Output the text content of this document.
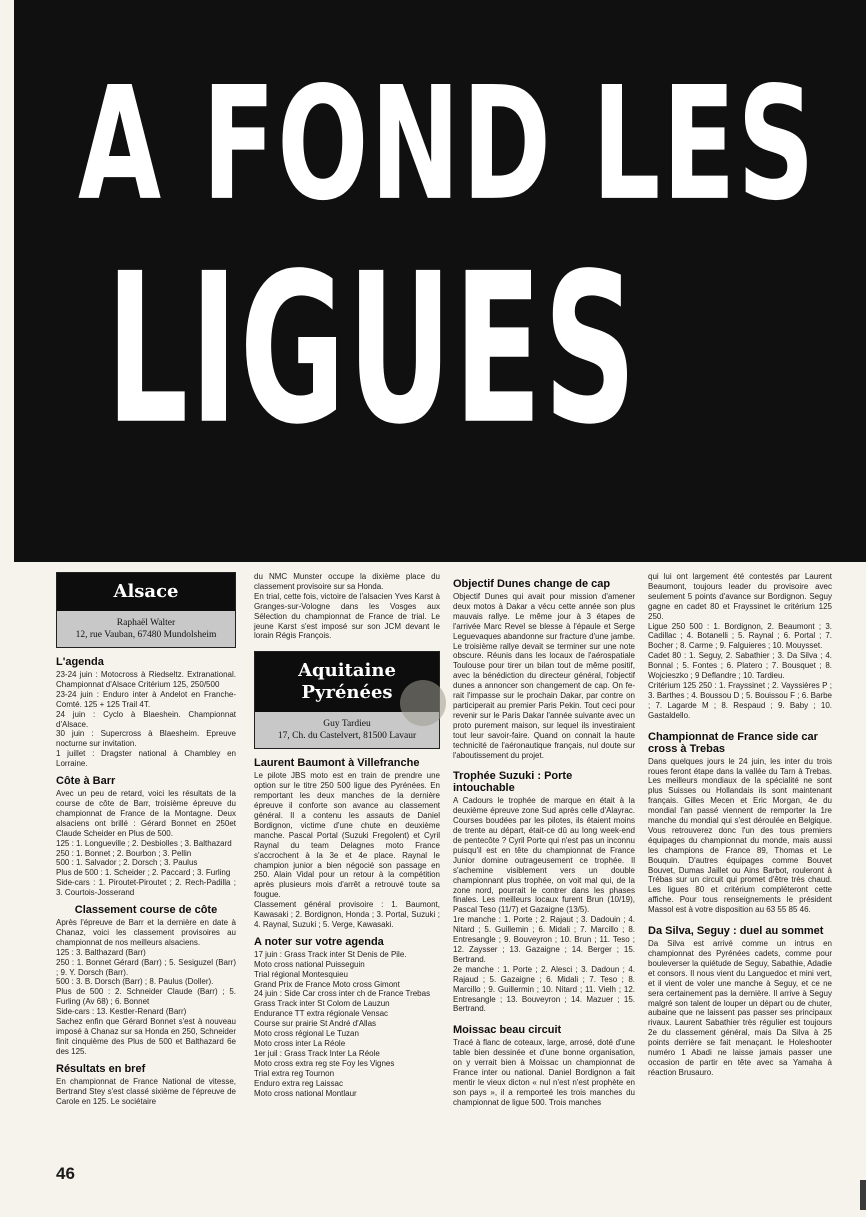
A FOND LES
LIGUES
Alsace
Raphaël Walter
12, rue Vauban, 67480 Mundolsheim
L'agenda

23-24 juin : Motocross à Riedseltz. Extranational. Championnat d'Alsace Critérium 125, 250/500

23-24 juin : Enduro inter à Andelot en Franche-Comté. 125 + 125 Trail 4T.

24 juin : Cyclo à Blaeshein. Championnat d'Alsace.

30 juin : Supercross à Blaesheim. Epreuve nocturne sur invitation.

1 juillet : Dragster national à Chambley en Lorraine.

Côte à Barr

Avec un peu de retard, voici les résultats de la course de côte de Barr, troisième épreuve du championnat de France de la Montagne. Deux alsaciens ont brillé : Gérard Bonnet en 250et Claude Scheider en Plus de 500.

125 : 1. Longueville ; 2. Desbiolles ; 3. Balthazard

250 : 1. Bonnet ; 2. Bourbon ; 3. Pellin

500 : 1. Salvador ; 2. Dorsch ; 3. Paulus

Plus de 500 : 1. Scheider ; 2. Paccard ; 3. Furling

Side-cars : 1. Piroutet-Piroutet ; 2. Rech-Padilla ; 3. Courtois-Josserand

Classement course de côte

Après l'épreuve de Barr et la dernière en date à Chanaz, voici les classement provisoires au championnat de nos meilleurs alsaciens.

125 : 3. Balthazard (Barr)

250 : 1. Bonnet Gérard (Barr) ; 5. Sesiguzel (Barr) ; 9. Y. Dorsch (Barr).

500 : 3. B. Dorsch (Barr) ; 8. Paulus (Doller).

Plus de 500 : 2. Schneider Claude (Barr) ; 5. Furling (Av 68) ; 6. Bonnet

Side-cars : 13. Kestler-Renard (Barr)

Sachez enfin que Gérard Bonnet s'est à nouveau imposé à Chanaz sur sa Honda en 250, Schneider finit cinquième des Plus de 500 et Balthazard 6e des 125.

Résultats en bref

En championnat de France National de vitesse, Bertrand Stey s'est classé sixième de l'épreuve de Carole en 125. Le sociétaire

du NMC Munster occupe la dixième place du classement provisoire sur sa Honda.

En trial, cette fois, victoire de l'alsacien Yves Karst à Granges-sur-Vologne dans les Vosges aux Sélection du championnat de France de trial. Le jeune Karst s'est imposé sur son JCM devant le lorain Régis François.

Aquitaine
Pyrénées
Guy Tardieu
17, Ch. du Castelvert, 81500 Lavaur
Laurent Baumont à Villefranche

Le pilote JBS moto est en train de prendre une option sur le titre 250 500 ligue des Pyrénées. En remportant les deux manches de la dernière épreuve il conforte son avance au classement général. Il a contenu les assauts de Daniel Bordignon, victime d'une chute en deuxième manche. Pascal Portal (Suzuki Fregolent) et Cyril Raynal du team Delagnes moto France s'accrochent à la 3e et 4e place. Raynal le champion junior a bien négocié son passage en 250. Alain Vidal pour un retour à la compétition après plusieurs mois d'arrêt a retrouvé toute sa fougue.

Classement général provisoire : 1. Baumont, Kawasaki ; 2. Bordignon, Honda ; 3. Portal, Suzuki ; 4. Raynal, Suzuki ; 5. Verge, Kawasaki.

A noter sur votre agenda

17 juin : Grass Track inter St Denis de Pile.

Moto cross national Puisseguin

Trial régional Montesquieu

Grand Prix de France Moto cross Gimont

24 juin : Side Car cross inter ch de France Trebas

Grass Track inter St Colom de Lauzun

Endurance TT extra régionale Vensac

Course sur prairie St André d'Allas

Moto cross régional Le Tuzan

Moto cross inter La Réole

1er juil : Grass Track Inter La Réole

Moto cross extra reg ste Foy les Vignes

Trial extra reg Tournon

Enduro extra reg Laissac

Moto cross national Montlaur

Objectif Dunes change de cap

Objectif Dunes qui avait pour mission d'amener deux motos à Dakar a vécu cette année son plus mauvais rallye. Le même jour à 3 étapes de l'arrivée Marc Revel se blesse à l'épaule et Serge Leguevaques abandonne sur fracture d'une jambe. Le troisième rallye devait se terminer sur une note obscure. Réunis dans les locaux de l'aérospatiale Toulouse pour tirer un bilan tout de même positif, avec la bénédiction du directeur général, l'objectif dunes a annoncer son changement de cap. On ferait l'impasse sur le prochain Dakar, par contre on participerait au premier Paris Pekin. Tout ceci pour revenir sur le Paris Dakar l'année suivante avec un proto purement maison, sur lequel ils investiraient tout leur savoir-faire. Quand on connait la haute technicité de l'aéronautique français, nul doute sur l'aboutissement du projet.

Trophée Suzuki : Porte intouchable

A Cadours le trophée de marque en était à la deuxième épreuve zone Sud après celle d'Alayrac. Courses boudées par les pilotes, ils étaient moins de trente au départ, était-ce dû au long week-end de pentecôte ? Cyril Porte qui n'est pas un inconnu puisqu'il est en tête du championnat de France Junior domine outrageusement ce trophée. Il s'achemine visiblement vers un double championnant plus trophée, on voit mal qui, de la zone nord, pourrait le contrer dans les phases finales. Les meilleurs locaux furent Brun (10/19), Pascal Teso (11/7) et Gazaigne (13/5).

1re manche : 1. Porte ; 2. Rajaut ; 3. Dadouin ; 4. Nitard ; 5. Guillemin ; 6. Midali ; 7. Marcillo ; 8. Entresangle ; 9. Bouveyron ; 10. Brun ; 11. Teso ; 12. Zaysser ; 13. Gazaigne ; 14. Berger ; 15. Bertrand.

2e manche : 1. Porte ; 2. Alesci ; 3. Dadoun ; 4. Rajaud ; 5. Gazaigne ; 6. Midali ; 7. Teso ; 8. Marcillo ; 9. Guillermin ; 10. Nitard ; 11. Vielh ; 12. Entresangle ; 13. Bouveyron ; 14. Mazuer ; 15. Bertrand.

Moissac beau circuit

Tracé à flanc de coteaux, large, arrosé, doté d'une table bien dessinée et d'une bonne organisation, on y verrait bien à Moissac un championnat de France inter ou national. Daniel Bordignon a fait mentir le vieux dicton « nul n'est n'est prophète en son pays », il a remporteé les trois manches du championnat de ligue 500. Trois manches

qui lui ont largement été contestés par Laurent Beaumont, toujours leader du provisoire avec seulement 5 points d'avance sur Bordignon. Seguy gagne en cadet 80 et Frayssinet le critérium 125 250.

Ligue 250 500 : 1. Bordignon, 2. Beaumont ; 3. Cadillac ; 4. Botanelli ; 5. Raynal ; 6. Portal ; 7. Bocher ; 8. Carme ; 9. Falguieres ; 10. Mouysset.

Cadet 80 : 1. Seguy, 2. Sabathier ; 3. Da Silva ; 4. Bonnal ; 5. Fontes ; 6. Platero ; 7. Bousquet ; 8. Wojcieszko ; 9 Deflandre ; 10. Tardieu.

Critérium 125 250 : 1. Frayssinet ; 2. Vayssières P ; 3. Barthes ; 4. Boussou D ; 5. Bouissou F ; 6. Barbe ; 7. Lagarde M ; 8. Respaud ; 9. Baby ; 10. Gastaldello.

Championnat de France side car cross à Trebas

Dans quelques jours le 24 juin, les inter du trois roues feront étape dans la vallée du Tarn à Trebas. Les meilleurs mondiaux de la spécialité ne sont plus Suisses ou Hollandais ils sont maintenant français. Gilles Mecen et Eric Morgan, 4e du mondial l'an passé viennent de remporter la 1re manche du mondial qui s'est déroulée en Belgique. Vous retrouverez donc l'un des tous premiers équipages du championnat du monde, mais aussi les champions de France 89, Thomas et Le Bouquin. D'autres équipages comme Bouvet Bouvet, Dumas Jaillet ou Ains Barbot, rouleront à Trébas sur un circuit qui promet d'être très chaud. Les ligues 80 et critérium compléteront cette affiche. Pour tous renseignements le président Massol est à votre disposition au 63 55 85 46.

Da Silva, Seguy : duel au sommet

Da Silva est arrivé comme un intrus en championnat des Pyrénées cadets, comme pour bouleverser la quiétude de Seguy, Sabathie, Adadie et consors. Il nous vient du Languedoc et mini vert, et il vient de voler une manche à Seguy, et ce ne sera certainement pas la dernière. Il arrive à Seguy malgré son talent de louper un départ ou de chuter, aubaine que ne laissent pas passer ses principaux rivaux. Laurent Sabathier très régulier est toujours 2e du classement général, mais Da Silva à 25 points derrière se fait menaçant. le Holeshooter numéro 1 Abadi ne laisse jamais passer une occasion de partir en tête avec sa Yamaha à réaction Brusauro.

46
